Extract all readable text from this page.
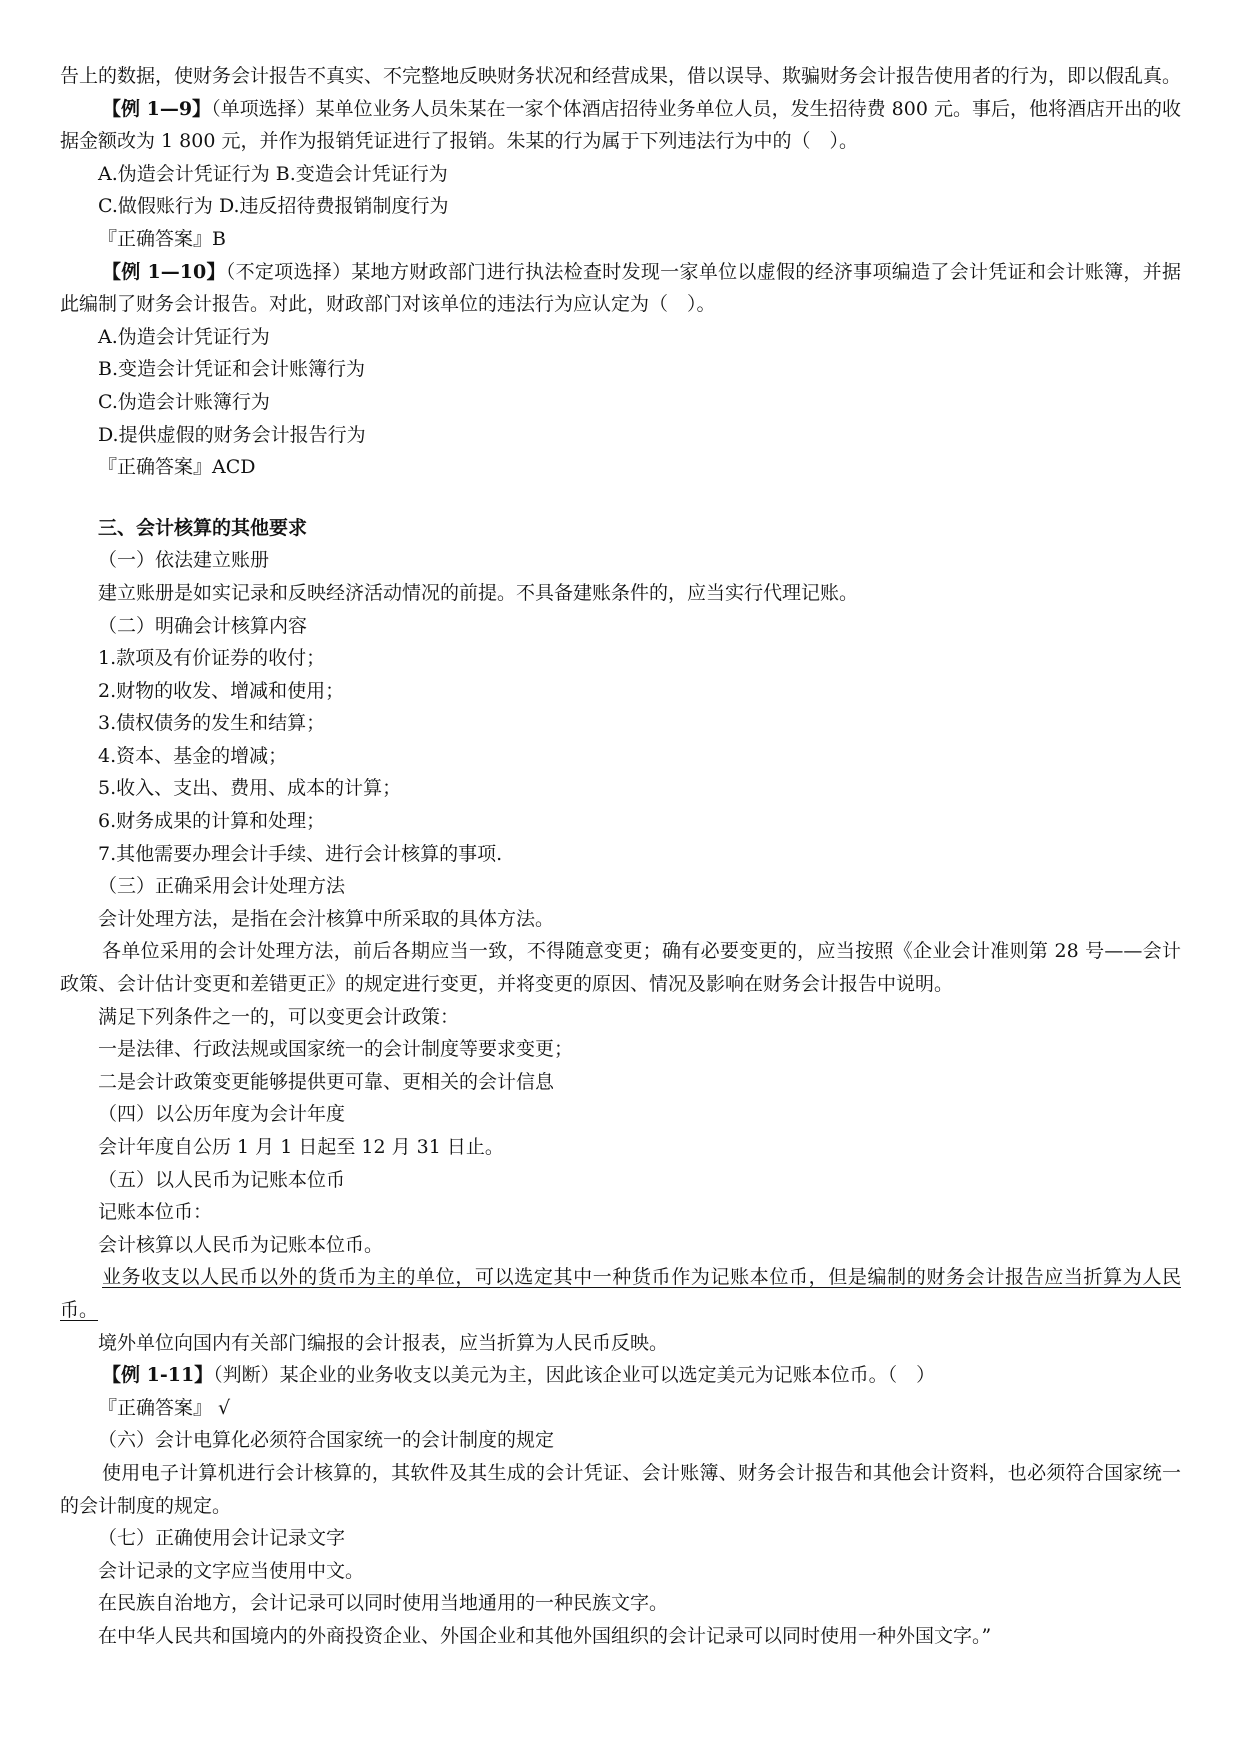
告上的数据，使财务会计报告不真实、不完整地反映财务状况和经营成果，借以误导、欺骗财务会计报告使用者的行为，即以假乱真。

【例 1—9】（单项选择）某单位业务人员朱某在一家个体酒店招待业务单位人员，发生招待费 800 元。事后，他将酒店开出的收据金额改为 1 800 元，并作为报销凭证进行了报销。朱某的行为属于下列违法行为中的（　）。

A.伪造会计凭证行为 B.变造会计凭证行为

C.做假账行为 D.违反招待费报销制度行为

『正确答案』B

【例 1—10】（不定项选择）某地方财政部门进行执法检查时发现一家单位以虚假的经济事项编造了会计凭证和会计账簿，并据此编制了财务会计报告。对此，财政部门对该单位的违法行为应认定为（　）。

A.伪造会计凭证行为

B.变造会计凭证和会计账簿行为

C.伪造会计账簿行为

D.提供虚假的财务会计报告行为

『正确答案』ACD

三、会计核算的其他要求

（一）依法建立账册

建立账册是如实记录和反映经济活动情况的前提。不具备建账条件的，应当实行代理记账。

（二）明确会计核算内容

1.款项及有价证券的收付；

2.财物的收发、增减和使用；

3.债权债务的发生和结算；

4.资本、基金的增减；

5.收入、支出、费用、成本的计算；

6.财务成果的计算和处理；

7.其他需要办理会计手续、进行会计核算的事项.

（三）正确采用会计处理方法

会计处理方法，是指在会汁核算中所采取的具体方法。

各单位采用的会计处理方法，前后各期应当一致，不得随意变更；确有必要变更的，应当按照《企业会计准则第 28 号——会计政策、会计估计变更和差错更正》的规定进行变更，并将变更的原因、情况及影响在财务会计报告中说明。

满足下列条件之一的，可以变更会计政策：

一是法律、行政法规或国家统一的会计制度等要求变更；

二是会计政策变更能够提供更可靠、更相关的会计信息

（四）以公历年度为会计年度

会计年度自公历 1 月 1 日起至 12 月 31 日止。

（五）以人民币为记账本位币

记账本位币：

会计核算以人民币为记账本位币。

业务收支以人民币以外的货币为主的单位，可以选定其中一种货币作为记账本位币，但是编制的财务会计报告应当折算为人民币。

境外单位向国内有关部门编报的会计报表，应当折算为人民币反映。

【例 1-11】（判断）某企业的业务收支以美元为主，因此该企业可以选定美元为记账本位币。（　）

『正确答案』 √

（六）会计电算化必须符合国家统一的会计制度的规定

使用电子计算机进行会计核算的，其软件及其生成的会计凭证、会计账簿、财务会计报告和其他会计资料，也必须符合国家统一的会计制度的规定。

（七）正确使用会计记录文字

会计记录的文字应当使用中文。

在民族自治地方，会计记录可以同时使用当地通用的一种民族文字。

在中华人民共和国境内的外商投资企业、外国企业和其他外国组织的会计记录可以同时使用一种外国文字。”
